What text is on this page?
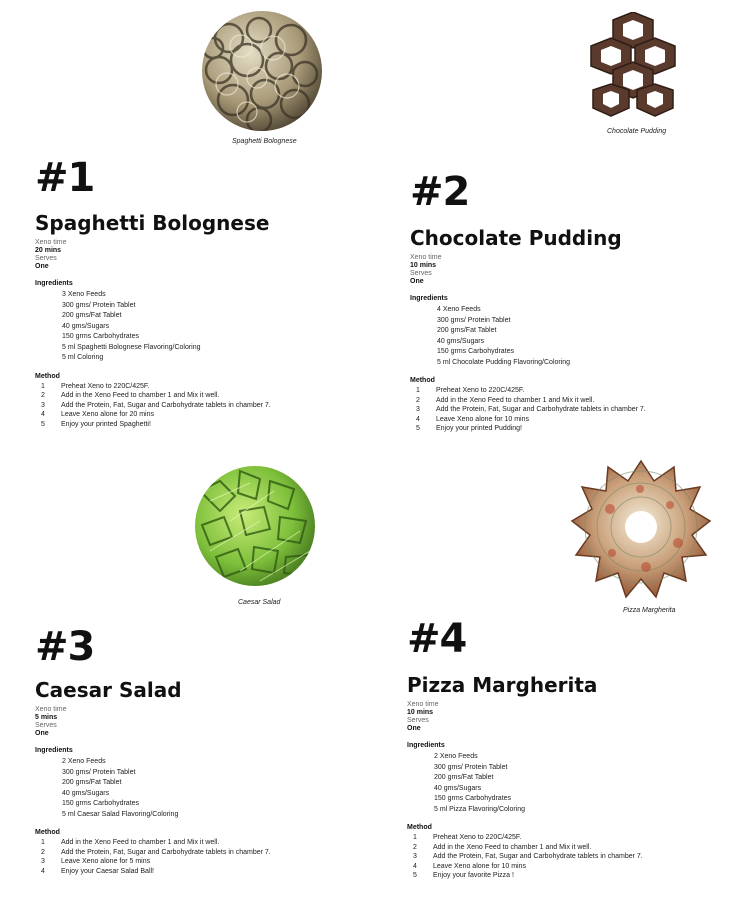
Spaghetti Bolognese
#1
Spaghetti Bolognese
Xeno time
20 mins
Serves
One
Ingredients
3 Xeno Feeds
300 gms/ Protein Tablet
200 gms/Fat Tablet
40 gms/Sugars
150 grms Carbohydrates
5 ml Spaghetti Bolognese Flavoring/Coloring
5 ml Coloring
Method
1 Preheat Xeno to 220C/425F.
2 Add in the Xeno Feed to chamber 1 and Mix it well.
3 Add the Protein, Fat, Sugar and Carbohydrate tablets in chamber 7.
4 Leave Xeno alone for 20 mins
5 Enjoy your printed Spaghetti!
Chocolate Pudding
#2
Chocolate Pudding
Xeno time
10 mins
Serves
One
Ingredients
4 Xeno Feeds
300 gms/ Protein Tablet
200 gms/Fat Tablet
40 gms/Sugars
150 grms Carbohydrates
5 ml Chocolate Pudding Flavoring/Coloring
Method
1 Preheat Xeno to 220C/425F.
2 Add in the Xeno Feed to chamber 1 and Mix it well.
3 Add the Protein, Fat, Sugar and Carbohydrate tablets in chamber 7.
4 Leave Xeno alone for 10 mins
5 Enjoy your printed Pudding!
Caesar Salad
#3
Caesar Salad
Xeno time
5 mins
Serves
One
Ingredients
2 Xeno Feeds
300 gms/ Protein Tablet
200 gms/Fat Tablet
40 gms/Sugars
150 grms Carbohydrates
5 ml Caesar Salad Flavoring/Coloring
Method
1 Add in the Xeno Feed to chamber 1 and Mix it well.
2 Add the Protein, Fat, Sugar and Carbohydrate tablets in chamber 7.
3 Leave Xeno alone for 5 mins
4 Enjoy your Caesar Salad Ball!
Pizza Margherita
#4
Pizza Margherita
Xeno time
10 mins
Serves
One
Ingredients
2 Xeno Feeds
300 gms/ Protein Tablet
200 gms/Fat Tablet
40 gms/Sugars
150 grms Carbohydrates
5 ml Pizza Flavoring/Coloring
Method
1 Preheat Xeno to 220C/425F.
2 Add in the Xeno Feed to chamber 1 and Mix it well.
3 Add the Protein, Fat, Sugar and Carbohydrate tablets in chamber 7.
4 Leave Xeno alone for 10 mins
5 Enjoy your favorite Pizza !
